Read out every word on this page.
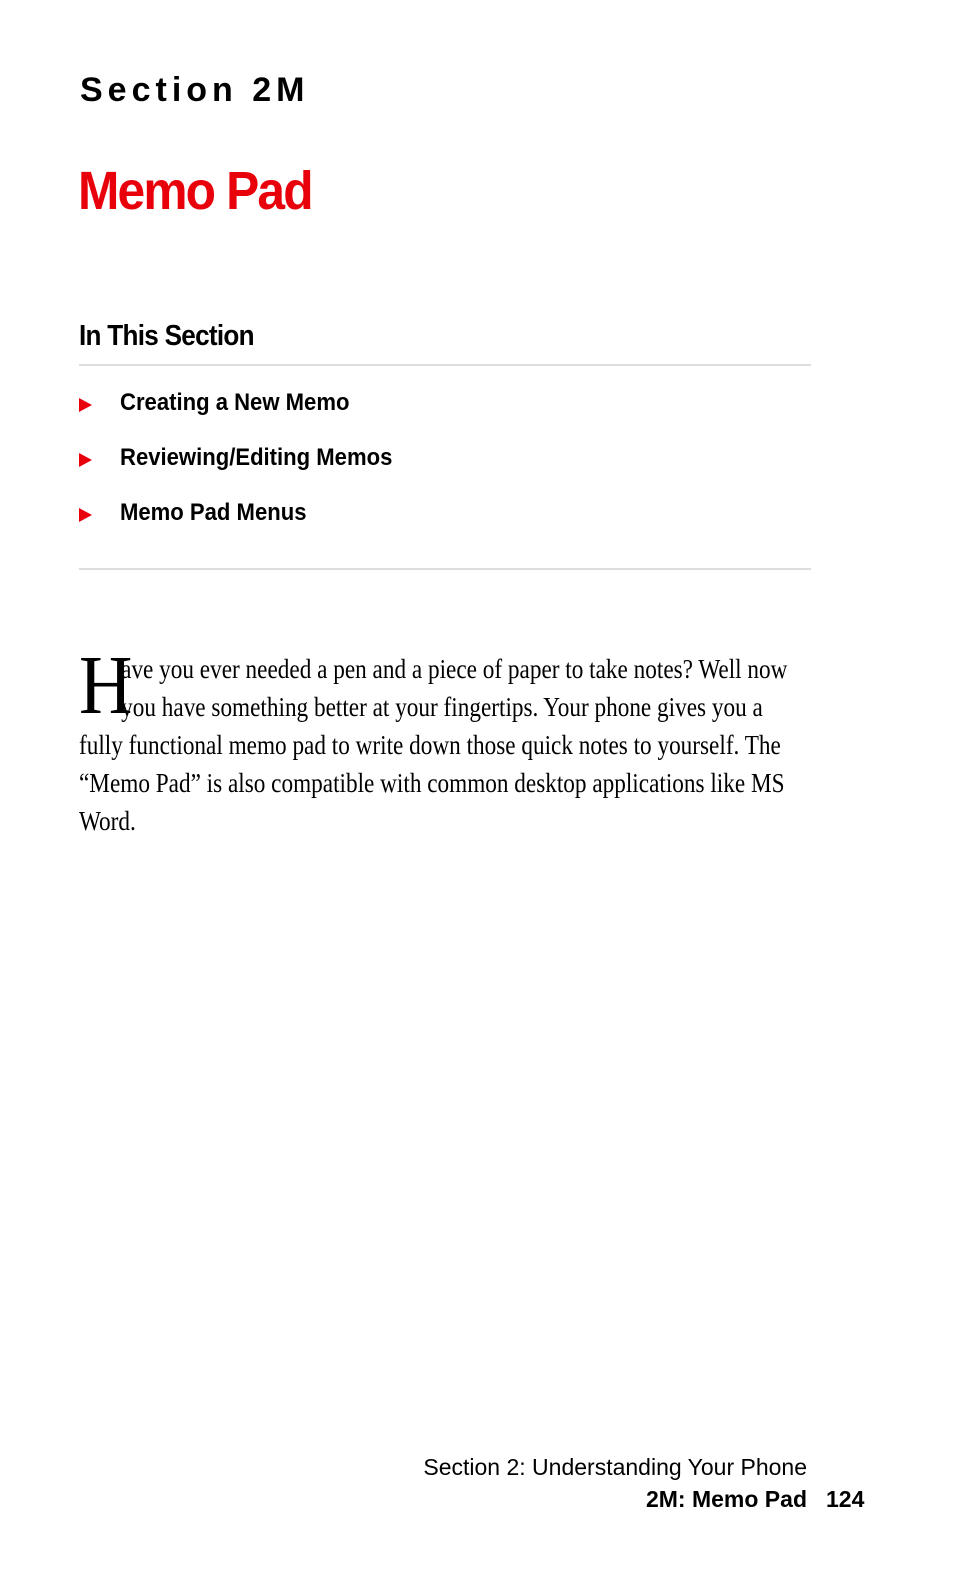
Section 2M
Memo Pad
In This Section
Creating a New Memo
Reviewing/Editing Memos
Memo Pad Menus
H
ave you ever needed a pen and a piece of paper to take notes? Well now
you have something better at your fingertips. Your phone gives you a
fully functional memo pad to write down those quick notes to yourself. The
“Memo Pad” is also compatible with common desktop applications like MS
Word.

Section 2: Understanding Your Phone

2M: Memo Pad 124
